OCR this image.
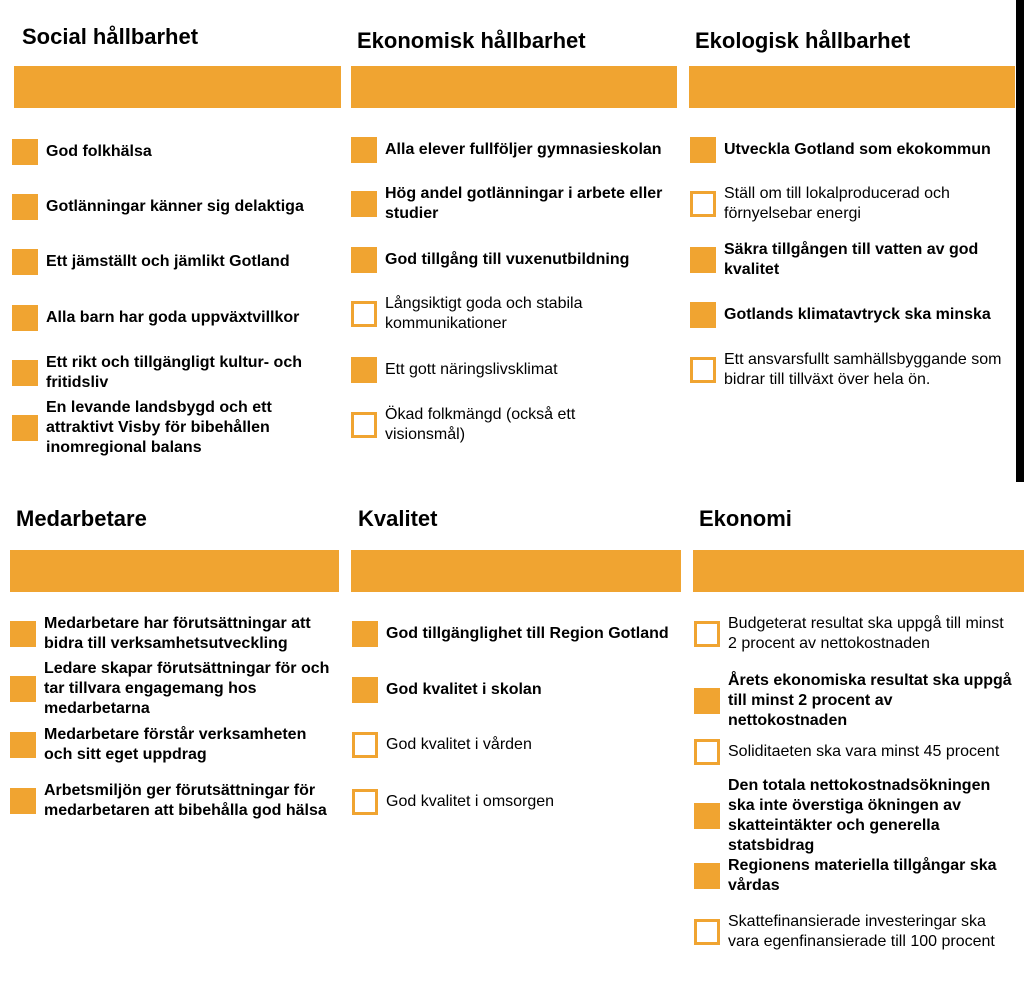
Social hållbarhet	Ekonomisk hållbarhet	Ekologisk hållbarhet
God folkhälsa
Gotlänningar känner sig delaktiga
Ett jämställt och jämlikt Gotland
Alla barn har goda uppväxtvillkor
Ett rikt och tillgängligt kultur- och fritidsliv
En levande landsbygd och ett attraktivt Visby för bibehållen inomregional balans
Alla elever fullföljer gymnasieskolan
Hög andel gotlänningar i arbete eller studier
God tillgång till vuxenutbildning
Långsiktigt goda och stabila kommunikationer
Ett gott näringslivsklimat
Ökad folkmängd (också ett visionsmål)
Utveckla Gotland som ekokommun
Ställ om till lokalproducerad och förnyelsebar energi
Säkra tillgången till vatten av god kvalitet
Gotlands klimatavtryck ska minska
Ett ansvarsfullt samhällsbyggande som bidrar till tillväxt över hela ön.
Medarbetare	Kvalitet	Ekonomi
Medarbetare har förutsättningar att bidra till verksamhetsutveckling
Ledare skapar förutsättningar för och tar tillvara engagemang hos medarbetarna
Medarbetare förstår verksamheten och sitt eget uppdrag
Arbetsmiljön ger förutsättningar för medarbetaren att bibehålla god hälsa
God tillgänglighet till Region Gotland
God kvalitet i skolan
God kvalitet i vården
God kvalitet i omsorgen
Budgeterat resultat ska uppgå till minst 2 procent av nettokostnaden
Årets ekonomiska resultat ska uppgå till minst 2 procent av nettokostnaden
Soliditaeten ska vara minst 45 procent
Den totala nettokostnadsökningen ska inte överstiga ökningen av skatteintäkter och generella statsbidrag
Regionens materiella tillgångar ska vårdas
Skattefinansierade investeringar ska vara egenfinansierade till 100 procent
